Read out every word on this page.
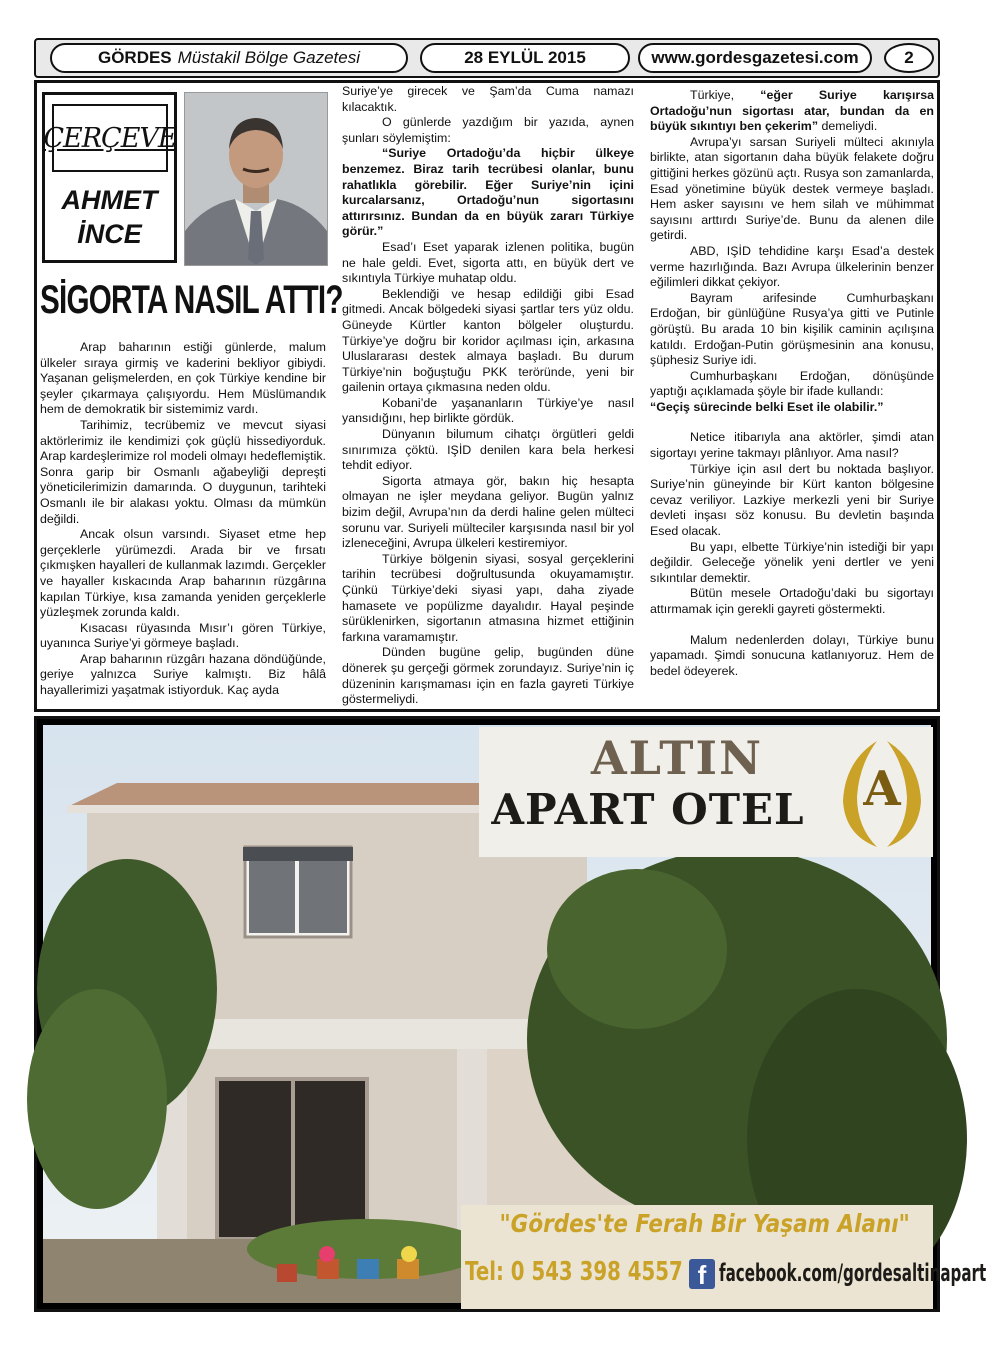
GÖRDES Müstakil Bölge Gazetesi	28 EYLÜL 2015	www.gordesgazetesi.com	2
ÇERÇEVE
AHMET
İNCE
SİGORTA NASIL ATTI?

Arap baharının estiği günlerde, malum ülkeler sıraya girmiş ve kaderini bekliyor gibiydi. Yaşanan gelişmelerden, en çok Türkiye kendine bir şeyler çıkarmaya çalışıyordu. Hem Müslümandık hem de demokratik bir sistemimiz vardı.

Tarihimiz, tecrübemiz ve mevcut siyasi aktörlerimiz ile kendimizi çok güçlü hissediyorduk. Arap kardeşlerimize rol modeli olmayı hedeflemiştik. Sonra garip bir Osmanlı ağabeyliği depreşti yöneticilerimizin damarında. O duygunun, tarihteki Osmanlı ile bir alakası yoktu. Olması da mümkün değildi.

Ancak olsun varsındı. Siyaset etme hep gerçeklerle yürümezdi. Arada bir ve fırsatı çıkmışken hayalleri de kullanmak lazımdı. Gerçekler ve hayaller kıskacında Arap baharının rüzgârına kapılan Türkiye, kısa zamanda yeniden gerçeklerle yüzleşmek zorunda kaldı.

Kısacası rüyasında Mısır’ı gören Türkiye, uyanınca Suriye’yi görmeye başladı.

Arap baharının rüzgârı hazana döndüğünde, geriye yalnızca Suriye kalmıştı. Biz hâlâ hayallerimizi yaşatmak istiyorduk. Kaç ayda

Suriye’ye girecek ve Şam’da Cuma namazı kılacaktık.

O günlerde yazdığım bir yazıda, aynen şunları söylemiştim:

“Suriye Ortadoğu’da hiçbir ülkeye benzemez. Biraz tarih tecrübesi olanlar, bunu rahatlıkla görebilir. Eğer Suriye’nin içini kurcalarsanız, Ortadoğu’nun sigortasını attırırsınız. Bundan da en büyük zararı Türkiye görür.”

Esad’ı Eset yaparak izlenen politika, bugün ne hale geldi. Evet, sigorta attı, en büyük dert ve sıkıntıyla Türkiye muhatap oldu.

Beklendiği ve hesap edildiği gibi Esad gitmedi. Ancak bölgedeki siyasi şartlar ters yüz oldu. Güneyde Kürtler kanton bölgeler oluşturdu. Türkiye’ye doğru bir koridor açılması için, arkasına Uluslararası destek almaya başladı. Bu durum Türkiye’nin boğuştuğu PKK teröründe, yeni bir gailenin ortaya çıkmasına neden oldu.

Kobani’de yaşananların Türkiye’ye nasıl yansıdığını, hep birlikte gördük.

Dünyanın bilumum cihatçı örgütleri geldi sınırımıza çöktü. IŞİD denilen kara bela herkesi tehdit ediyor.

Sigorta atmaya gör, bakın hiç hesapta olmayan ne işler meydana geliyor. Bugün yalnız bizim değil, Avrupa’nın da derdi haline gelen mülteci sorunu var. Suriyeli mülteciler karşısında nasıl bir yol izleneceğini, Avrupa ülkeleri kestiremiyor.

Türkiye bölgenin siyasi, sosyal gerçeklerini tarihin tecrübesi doğrultusunda okuyamamıştır. Çünkü Türkiye’deki siyasi yapı, daha ziyade hamasete ve popülizme dayalıdır. Hayal peşinde sürüklenirken, sigortanın atmasına hizmet ettiğinin farkına varamamıştır.

Dünden bugüne gelip, bugünden düne dönerek şu gerçeği görmek zorundayız. Suriye’nin iç düzeninin karışmaması için en fazla gayreti Türkiye göstermeliydi.

Türkiye, “eğer Suriye karışırsa Ortadoğu’nun sigortası atar, bundan da en büyük sıkıntıyı ben çekerim” demeliydi.

Avrupa’yı sarsan Suriyeli mülteci akınıyla birlikte, atan sigortanın daha büyük felakete doğru gittiğini herkes gözünü açtı. Rusya son zamanlarda, Esad yönetimine büyük destek vermeye başladı. Hem asker sayısını ve hem silah ve mühimmat sayısını arttırdı Suriye’de. Bunu da alenen dile getirdi.

ABD, IŞİD tehdidine karşı Esad’a destek verme hazırlığında. Bazı Avrupa ülkelerinin benzer eğilimleri dikkat çekiyor.

Bayram arifesinde Cumhurbaşkanı Erdoğan, bir günlüğüne Rusya’ya gitti ve Putinle görüştü. Bu arada 10 bin kişilik caminin açılışına katıldı. Erdoğan-Putin görüşmesinin ana konusu, şüphesiz Suriye idi.

Cumhurbaşkanı Erdoğan, dönüşünde yaptığı açıklamada şöyle bir ifade kullandı:

“Geçiş sürecinde belki Eset ile olabilir.”

Netice itibarıyla ana aktörler, şimdi atan sigortayı yerine takmayı plânlıyor. Ama nasıl?

Türkiye için asıl dert bu noktada başlıyor. Suriye’nin güneyinde bir Kürt kanton bölgesine cevaz veriliyor. Lazkiye merkezli yeni bir Suriye devleti inşası söz konusu. Bu devletin başında Esed olacak.

Bu yapı, elbette Türkiye’nin istediği bir yapı değildir. Geleceğe yönelik yeni dertler ve yeni sıkıntılar demektir.

Bütün mesele Ortadoğu’daki bu sigortayı attırmamak için gerekli gayreti göstermekti.

Malum nedenlerden dolayı, Türkiye bunu yapamadı. Şimdi sonucuna katlanıyoruz. Hem de bedel ödeyerek.

ALTIN
APART OTEL	A
"Gördes'te Ferah Bir Yaşam Alanı"
Tel: 0 543 398 4557 f facebook.com/gordesaltinapart
